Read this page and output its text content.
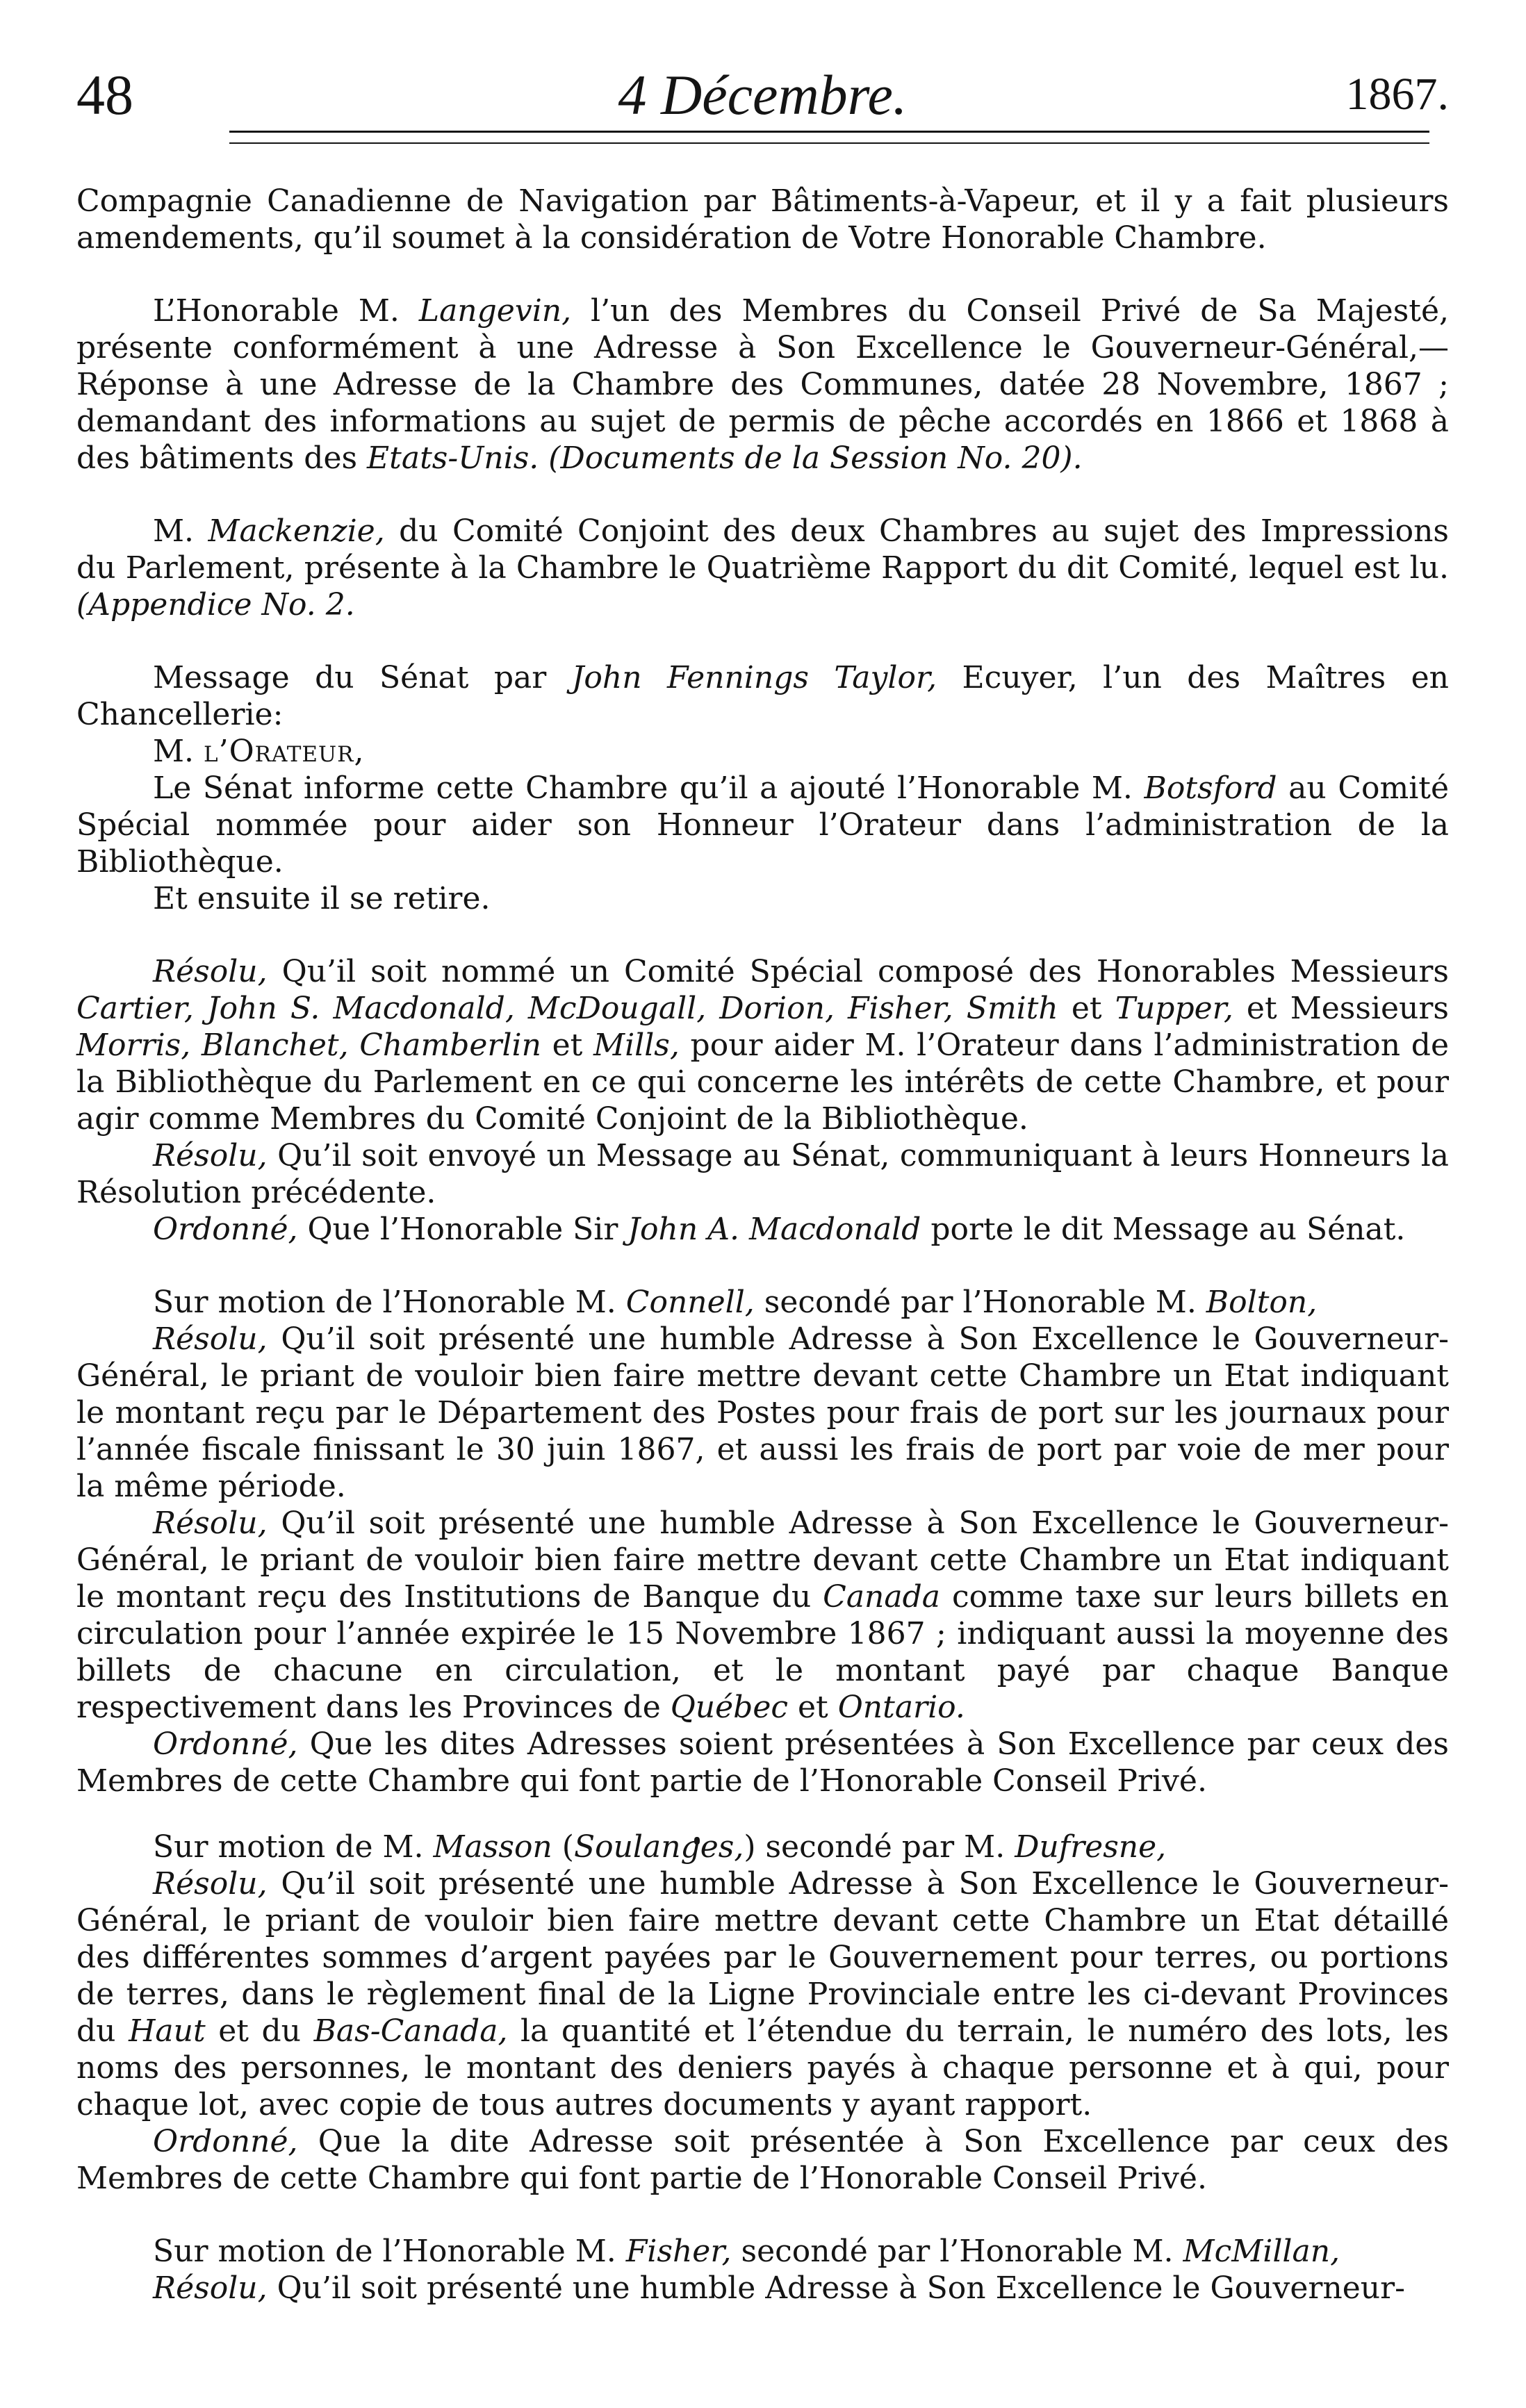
48	4 Décembre.	1867.

Compagnie Canadienne de Navigation par Bâtiments-à-Vapeur, et il y a fait plusieurs amendements, qu’il soumet à la considération de Votre Honorable Chambre.

L’Honorable M. Langevin, l’un des Membres du Conseil Privé de Sa Majesté, présente conformément à une Adresse à Son Excellence le Gouverneur-Général,—Réponse à une Adresse de la Chambre des Communes, datée 28 Novembre, 1867 ; demandant des informations au sujet de permis de pêche accordés en 1866 et 1868 à des bâtiments des Etats-Unis. (Documents de la Session No. 20).

M. Mackenzie, du Comité Conjoint des deux Chambres au sujet des Impressions du Parlement, présente à la Chambre le Quatrième Rapport du dit Comité, lequel est lu. (Appendice No. 2.

Message du Sénat par John Fennings Taylor, Ecuyer, l’un des Maîtres en Chancellerie:

M. l’Orateur,

Le Sénat informe cette Chambre qu’il a ajouté l’Honorable M. Botsford au Comité Spécial nommée pour aider son Honneur l’Orateur dans l’administration de la Bibliothèque.

Et ensuite il se retire.

Résolu, Qu’il soit nommé un Comité Spécial composé des Honorables Messieurs Cartier, John S. Macdonald, McDougall, Dorion, Fisher, Smith et Tupper, et Messieurs Morris, Blanchet, Chamberlin et Mills, pour aider M. l’Orateur dans l’administration de la Bibliothèque du Parlement en ce qui concerne les intérêts de cette Chambre, et pour agir comme Membres du Comité Conjoint de la Bibliothèque.

Résolu, Qu’il soit envoyé un Message au Sénat, communiquant à leurs Honneurs la Résolution précédente.

Ordonné, Que l’Honorable Sir John A. Macdonald porte le dit Message au Sénat.

Sur motion de l’Honorable M. Connell, secondé par l’Honorable M. Bolton,

Résolu, Qu’il soit présenté une humble Adresse à Son Excellence le Gouverneur-Général, le priant de vouloir bien faire mettre devant cette Chambre un Etat indiquant le montant reçu par le Département des Postes pour frais de port sur les journaux pour l’année fiscale finissant le 30 juin 1867, et aussi les frais de port par voie de mer pour la même période.

Résolu, Qu’il soit présenté une humble Adresse à Son Excellence le Gouverneur-Général, le priant de vouloir bien faire mettre devant cette Chambre un Etat indiquant le montant reçu des Institutions de Banque du Canada comme taxe sur leurs billets en circulation pour l’année expirée le 15 Novembre 1867 ; indiquant aussi la moyenne des billets de chacune en circulation, et le montant payé par chaque Banque respectivement dans les Provinces de Québec et Ontario.

Ordonné, Que les dites Adresses soient présentées à Son Excellence par ceux des Membres de cette Chambre qui font partie de l’Honorable Conseil Privé.

Sur motion de M. Masson (Soulanges,) secondé par M. Dufresne,

Résolu, Qu’il soit présenté une humble Adresse à Son Excellence le Gouverneur-Général, le priant de vouloir bien faire mettre devant cette Chambre un Etat détaillé des différentes sommes d’argent payées par le Gouvernement pour terres, ou portions de terres, dans le règlement final de la Ligne Provinciale entre les ci-devant Provinces du Haut et du Bas-Canada, la quantité et l’étendue du terrain, le numéro des lots, les noms des personnes, le montant des deniers payés à chaque personne et à qui, pour chaque lot, avec copie de tous autres documents y ayant rapport.

Ordonné, Que la dite Adresse soit présentée à Son Excellence par ceux des Membres de cette Chambre qui font partie de l’Honorable Conseil Privé.

Sur motion de l’Honorable M. Fisher, secondé par l’Honorable M. McMillan,

Résolu, Qu’il soit présenté une humble Adresse à Son Excellence le Gouverneur-
